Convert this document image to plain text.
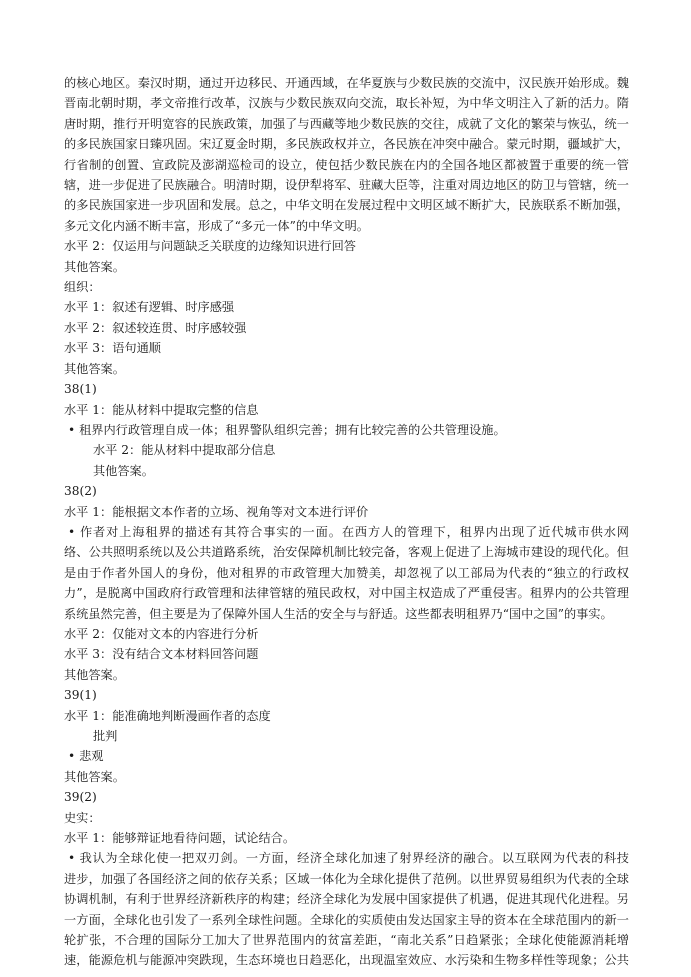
的核心地区。秦汉时期，通过开边移民、开通西域，在华夏族与少数民族的交流中，汉民族开始形成。魏

晋南北朝时期，孝文帝推行改革，汉族与少数民族双向交流，取长补短，为中华文明注入了新的活力。隋

唐时期，推行开明宽容的民族政策，加强了与西藏等地少数民族的交往，成就了文化的繁荣与恢弘，统一

的多民族国家日臻巩固。宋辽夏金时期，多民族政权并立，各民族在冲突中融合。蒙元时期，疆域扩大，

行省制的创置、宣政院及澎湖巡检司的设立，使包括少数民族在内的全国各地区都被置于重要的统一管

辖，进一步促进了民族融合。明清时期，设伊犁将军、驻藏大臣等，注重对周边地区的防卫与管辖，统一

的多民族国家进一步巩固和发展。总之，中华文明在发展过程中文明区域不断扩大，民族联系不断加强，

多元文化内涵不断丰富，形成了“多元一体”的中华文明。

水平 2：仅运用与问题缺乏关联度的边缘知识进行回答

其他答案。

组织：

水平 1：叙述有逻辑、时序感强

水平 2：叙述较连贯、时序感较强

水平 3：语句通顺

其他答案。

38(1)

水平 1：能从材料中提取完整的信息

• 租界内行政管理自成一体；租界警队组织完善；拥有比较完善的公共管理设施。

水平 2：能从材料中提取部分信息

其他答案。

38(2)

水平 1：能根据文本作者的立场、视角等对文本进行评价

• 作者对上海租界的描述有其符合事实的一面。在西方人的管理下，租界内出现了近代城市供水网

络、公共照明系统以及公共道路系统，治安保障机制比较完备，客观上促进了上海城市建设的现代化。但

是由于作者外国人的身份，他对租界的市政管理大加赞美，却忽视了以工部局为代表的“独立的行政权

力”，是脱离中国政府行政管理和法律管辖的殖民政权，对中国主权造成了严重侵害。租界内的公共管理

系统虽然完善，但主要是为了保障外国人生活的安全与与舒适。这些都表明租界乃“国中之国”的事实。

水平 2：仅能对文本的内容进行分析

水平 3：没有结合文本材料回答问题

其他答案。

39(1)

水平 1：能准确地判断漫画作者的态度

批判

• 悲观

其他答案。

39(2)

史实：

水平 1：能够辩证地看待问题，试论结合。

• 我认为全球化使一把双刃剑。一方面，经济全球化加速了射界经济的融合。以互联网为代表的科技

进步，加强了各国经济之间的依存关系；区域一体化为全球化提供了范例。以世界贸易组织为代表的全球

协调机制，有利于世界经济新秩序的构建；经济全球化为发展中国家提供了机遇，促进其现代化进程。另

一方面，全球化也引发了一系列全球性问题。全球化的实质使由发达国家主导的资本在全球范围内的新一

轮扩张，不合理的国际分工加大了世界范围内的贫富差距，“南北关系”日趋紧张；全球化使能源消耗增

速，能源危机与能源冲突跌现，生态环境也日趋恶化，出现温室效应、水污染和生物多样性等现象；公共
